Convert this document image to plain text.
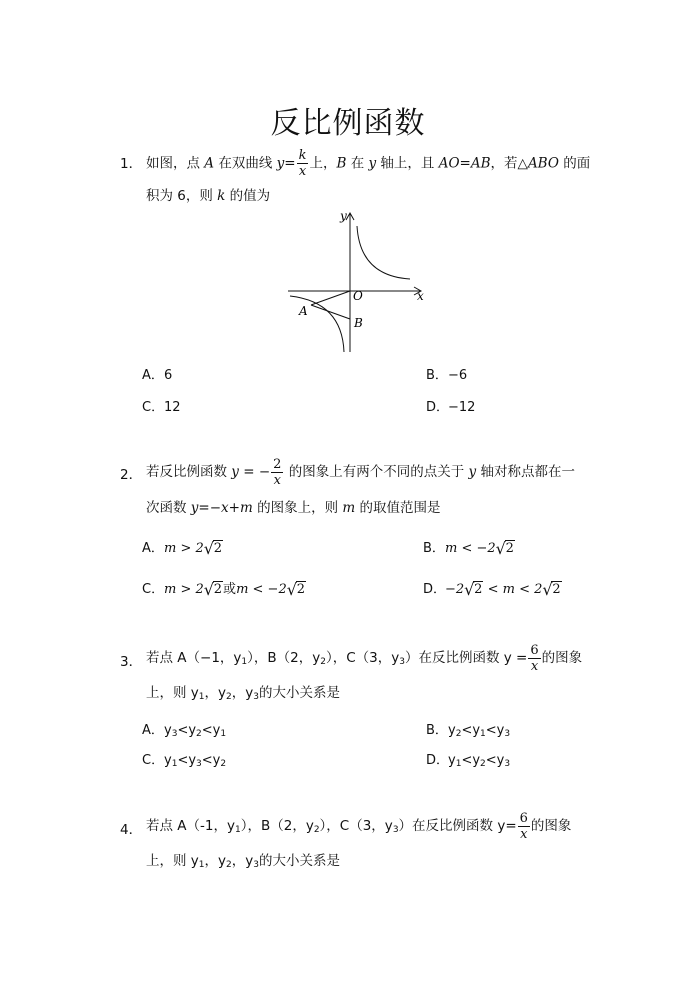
反比例函数
1． 如图，点 A 在双曲线 $y= \frac{k}{x}$ 上，B 在 y 轴上，且 AO=AB，若△ABO 的面
积为 6，则 k 的值为
y
x
O
A
B
A．6	B．−6
C．12	D．−12
2． 若反比例函数 y = − $\frac{2}{x}$ 的图象上有两个不同的点关于 y 轴对称点都在一
次函数 y=−x+m 的图象上，则 m 的取值范围是
A．m > 2 √ 2	B．m < −2 √ 2
C．m > 2 √ 2或m < −2 √ 2	D．−2 √ 2 < m < 2 √ 2
3． 若点 A（−1，$y_1$），B（2，$y_2$），C（3，$y_3$）在反比例函数 $y = \frac{6}{x}$ 的图象
上，则 $y_1$，$y_2$，$y_3$的大小关系是
A．$y_3<y_2<y_1$	B．$y_2<y_1<y_3$
C．$y_1<y_3<y_2$	D．$y_1<y_2<y_3$
4． 若点 A（-1，$y_1$），B（2，$y_2$），C（3，$y_3$）在反比例函数 $y= \frac{6}{x}$ 的图象
上，则 $y_1$，$y_2$，$y_3$的大小关系是
